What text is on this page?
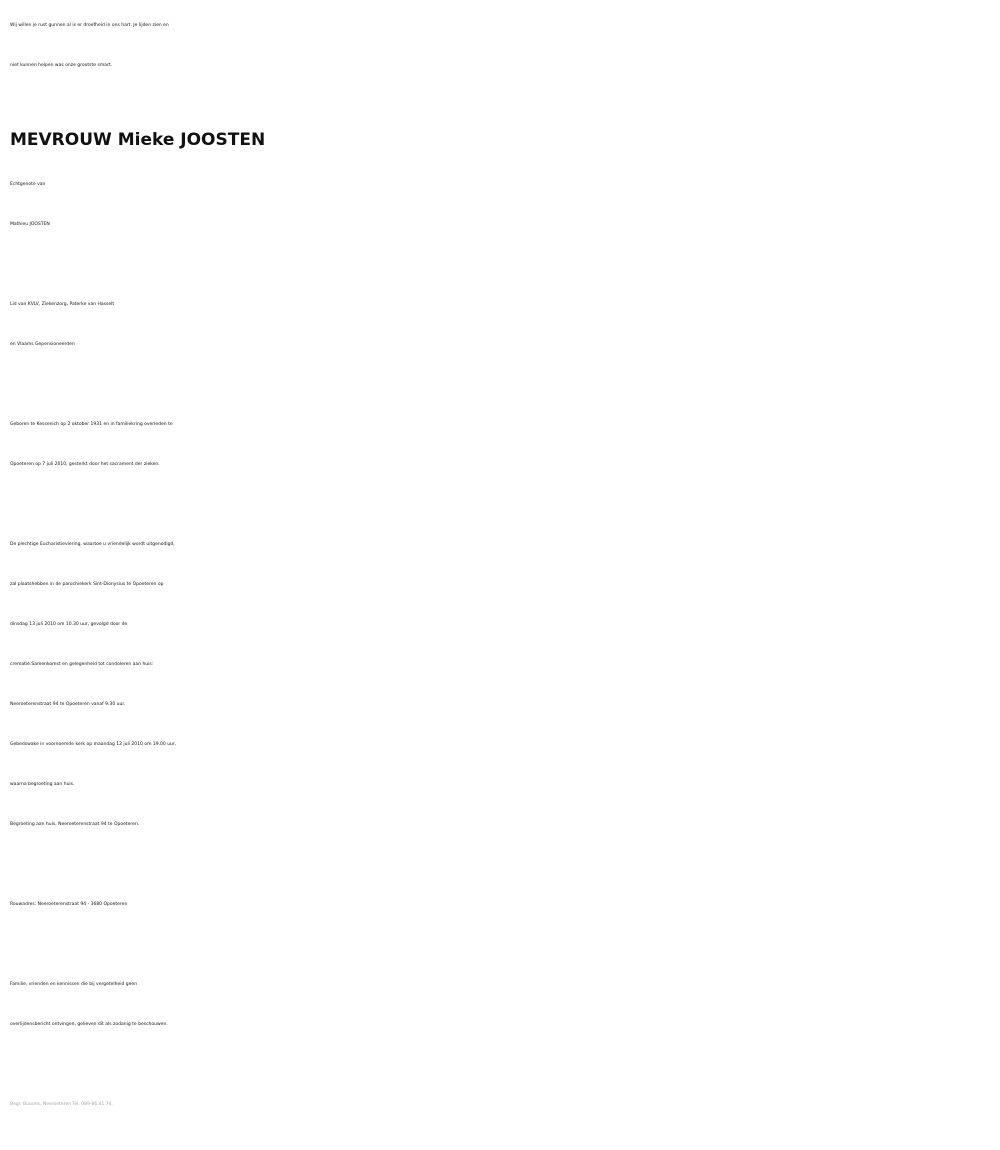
Wij willen je rust gunnen al is er droefheid in ons hart. Je lijden zien en
niet kunnen helpen was onze grootste smart.
MEVROUW Mieke JOOSTEN
Echtgenote van
Mathieu JOOSTEN
Lid van KVLV, Ziekenzorg, Paterke van Hasselt
en Vlaams Gepensioneerden
Geboren te Kessenich op 2 oktober 1931 en in familiekring overleden te
Opoeteren op 7 juli 2010, gesterkt door het sacrament der zieken.
De plechtige Eucharistieviering, waartoe u vriendelijk wordt uitgenodigd,
zal plaatshebben in de parochiekerk Sint-Dionysius te Opoeteren op
dinsdag 13 juli 2010 om 10.30 uur, gevolgd door de
crematie.Samenkomst en gelegenheid tot condoleren aan huis:
Neeroeterenstraat 94 te Opoeteren vanaf 9.30 uur.
Gebedswake in voornoemde kerk op maandag 12 juli 2010 om 19.00 uur,
waarna begroeting aan huis.
Begroeting aan huis, Neeroeterenstraat 94 te Opoeteren.
Rouwadres: Neeroeterenstraat 94 - 3680 Opoeteren
Familie, vrienden en kennissen die bij vergetelheid geen
overlijdensbericht ontvingen, gelieven dit als zodanig te beschouwen.
Begr. Bussels, Neeroeteren Tel. 089-86.41.74.
